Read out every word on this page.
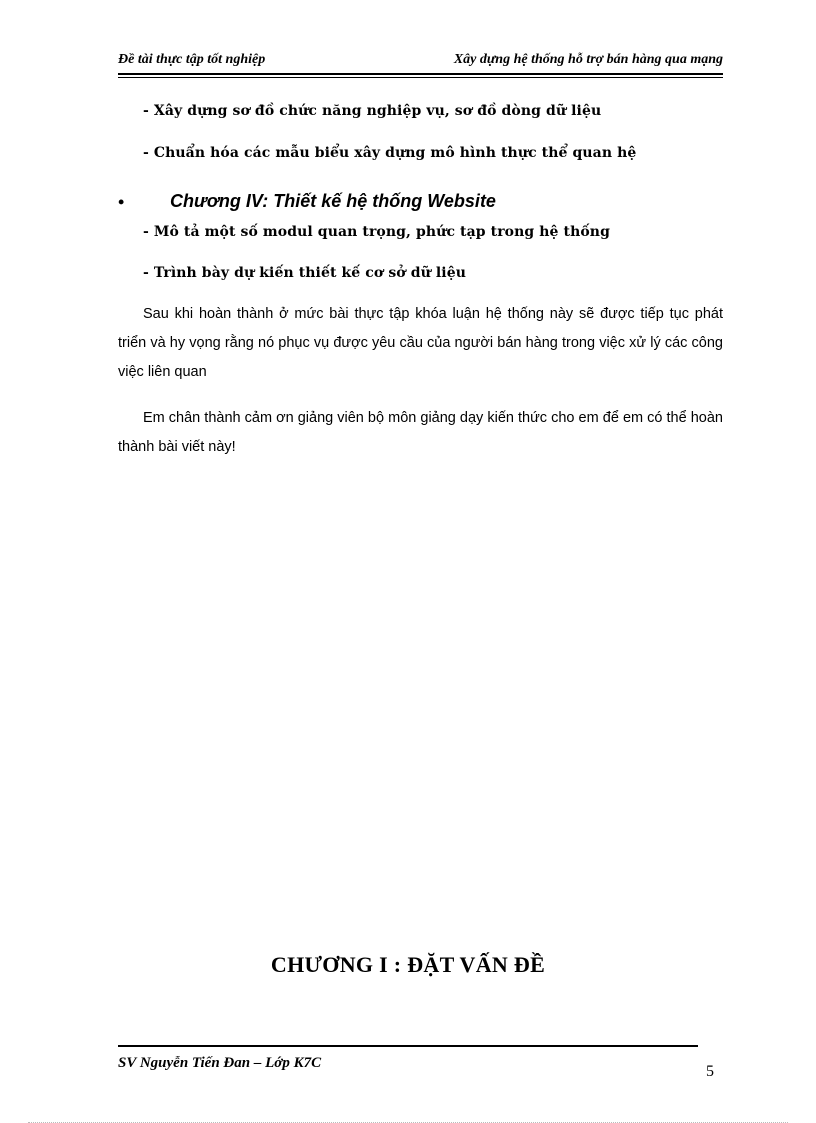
Đề tài thực tập tốt nghiệp	Xây dựng hệ thống hỗ trợ bán hàng qua mạng
- Xây dựng sơ đồ chức năng nghiệp vụ, sơ đồ dòng dữ liệu
- Chuẩn hóa các mẫu biểu xây dựng mô hình thực thể quan hệ
•	Chương IV: Thiết kế hệ thống Website
- Mô tả một số modul quan trọng, phức tạp trong hệ thống
- Trình bày dự kiến thiết kế cơ sở dữ liệu
Sau khi hoàn thành ở mức bài thực tập khóa luận hệ thống này sẽ được tiếp tục phát triển và hy vọng rằng nó phục vụ được yêu cầu của người bán hàng trong việc xử lý các công việc liên quan
Em chân thành cảm ơn giảng viên bộ môn giảng dạy kiến thức cho em để em có thể hoàn thành bài viết này!
CHƯƠNG I : ĐẶT VẤN ĐỀ
SV Nguyễn Tiến Đan – Lớp K7C	5
